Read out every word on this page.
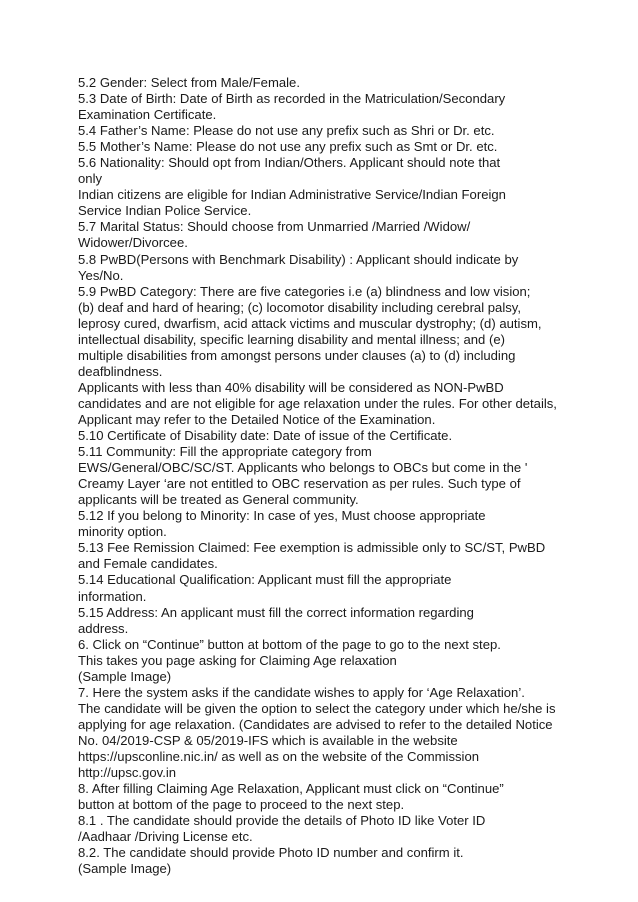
5.2 Gender: Select from Male/Female.
5.3 Date of Birth: Date of Birth as recorded in the Matriculation/Secondary
Examination Certificate.
5.4 Father’s Name: Please do not use any prefix such as Shri or Dr. etc.
5.5 Mother’s Name: Please do not use any prefix such as Smt or Dr. etc.
5.6 Nationality: Should opt from Indian/Others. Applicant should note that
only
Indian citizens are eligible for Indian Administrative Service/Indian Foreign
Service Indian Police Service.
5.7 Marital Status: Should choose from Unmarried /Married /Widow/
Widower/Divorcee.
5.8 PwBD(Persons with Benchmark Disability) : Applicant should indicate by
Yes/No.
5.9 PwBD Category: There are five categories i.e (a) blindness and low vision;
(b) deaf and hard of hearing; (c) locomotor disability including cerebral palsy,
leprosy cured, dwarfism, acid attack victims and muscular dystrophy; (d) autism,
intellectual disability, specific learning disability and mental illness; and (e)
multiple disabilities from amongst persons under clauses (a) to (d) including
deafblindness.
Applicants with less than 40% disability will be considered as NON-PwBD
candidates and are not eligible for age relaxation under the rules. For other details,
Applicant may refer to the Detailed Notice of the Examination.
5.10 Certificate of Disability date: Date of issue of the Certificate.
5.11 Community: Fill the appropriate category from
EWS/General/OBC/SC/ST. Applicants who belongs to OBCs but come in the '
Creamy Layer ‘are not entitled to OBC reservation as per rules. Such type of
applicants will be treated as General community.
5.12 If you belong to Minority: In case of yes, Must choose appropriate
minority option.
5.13 Fee Remission Claimed: Fee exemption is admissible only to SC/ST, PwBD
and Female candidates.
5.14 Educational Qualification: Applicant must fill the appropriate
information.
5.15 Address: An applicant must fill the correct information regarding
address.
6. Click on “Continue” button at bottom of the page to go to the next step.
This takes you page asking for Claiming Age relaxation
(Sample Image)
7. Here the system asks if the candidate wishes to apply for ‘Age Relaxation’.
The candidate will be given the option to select the category under which he/she is
applying for age relaxation. (Candidates are advised to refer to the detailed Notice
No. 04/2019-CSP & 05/2019-IFS which is available in the website
https://upsconline.nic.in/ as well as on the website of the Commission
http://upsc.gov.in
8. After filling Claiming Age Relaxation, Applicant must click on “Continue”
button at bottom of the page to proceed to the next step.
8.1 . The candidate should provide the details of Photo ID like Voter ID
/Aadhaar /Driving License etc.
8.2. The candidate should provide Photo ID number and confirm it.
(Sample Image)
